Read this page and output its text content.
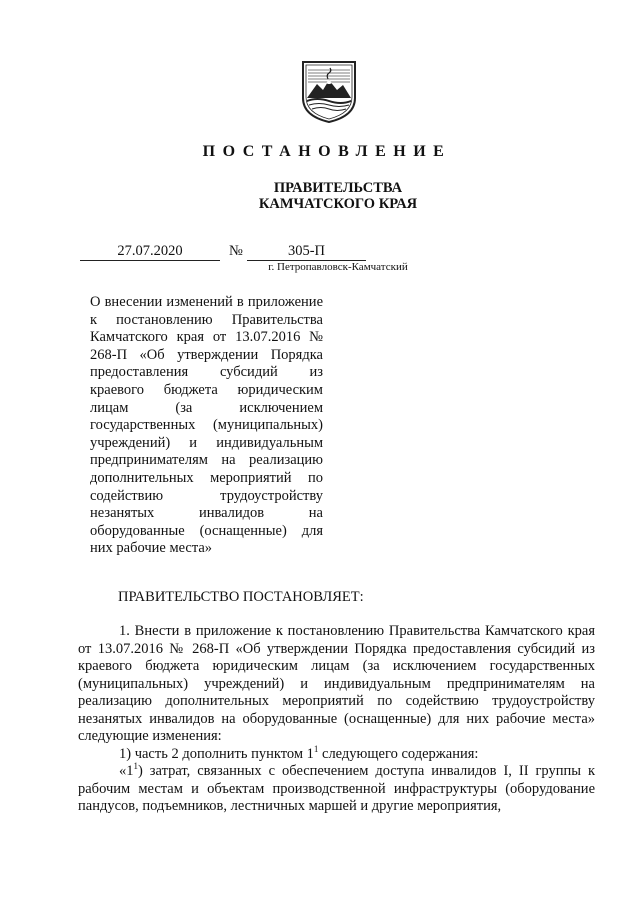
ПОСТАНОВЛЕНИЕ
ПРАВИТЕЛЬСТВА
КАМЧАТСКОГО КРАЯ
27.07.2020	№	305-П
г. Петропавловск-Камчатский
О внесении изменений в приложение к постановлению Правительства Камчатского края от 13.07.2016 № 268-П «Об утверждении Порядка предоставления субсидий из краевого бюджета юридическим лицам (за исключением государственных (муниципальных) учреждений) и индивидуальным предпринимателям на реализацию дополнительных мероприятий по содействию трудоустройству незанятых инвалидов на оборудованные (оснащенные) для них рабочие места»
ПРАВИТЕЛЬСТВО ПОСТАНОВЛЯЕТ:

1. Внести в приложение к постановлению Правительства Камчатского края от 13.07.2016 № 268-П «Об утверждении Порядка предоставления субсидий из краевого бюджета юридическим лицам (за исключением государственных (муниципальных) учреждений) и индивидуальным предпринимателям на реализацию дополнительных мероприятий по содействию трудоустройству незанятых инвалидов на оборудованные (оснащенные) для них рабочие места» следующие изменения:

1) часть 2 дополнить пунктом $1^1$ следующего содержания:

«$1^1$) затрат, связанных с обеспечением доступа инвалидов I, II группы к рабочим местам и объектам производственной инфраструктуры (оборудование пандусов, подъемников, лестничных маршей и другие мероприятия,
